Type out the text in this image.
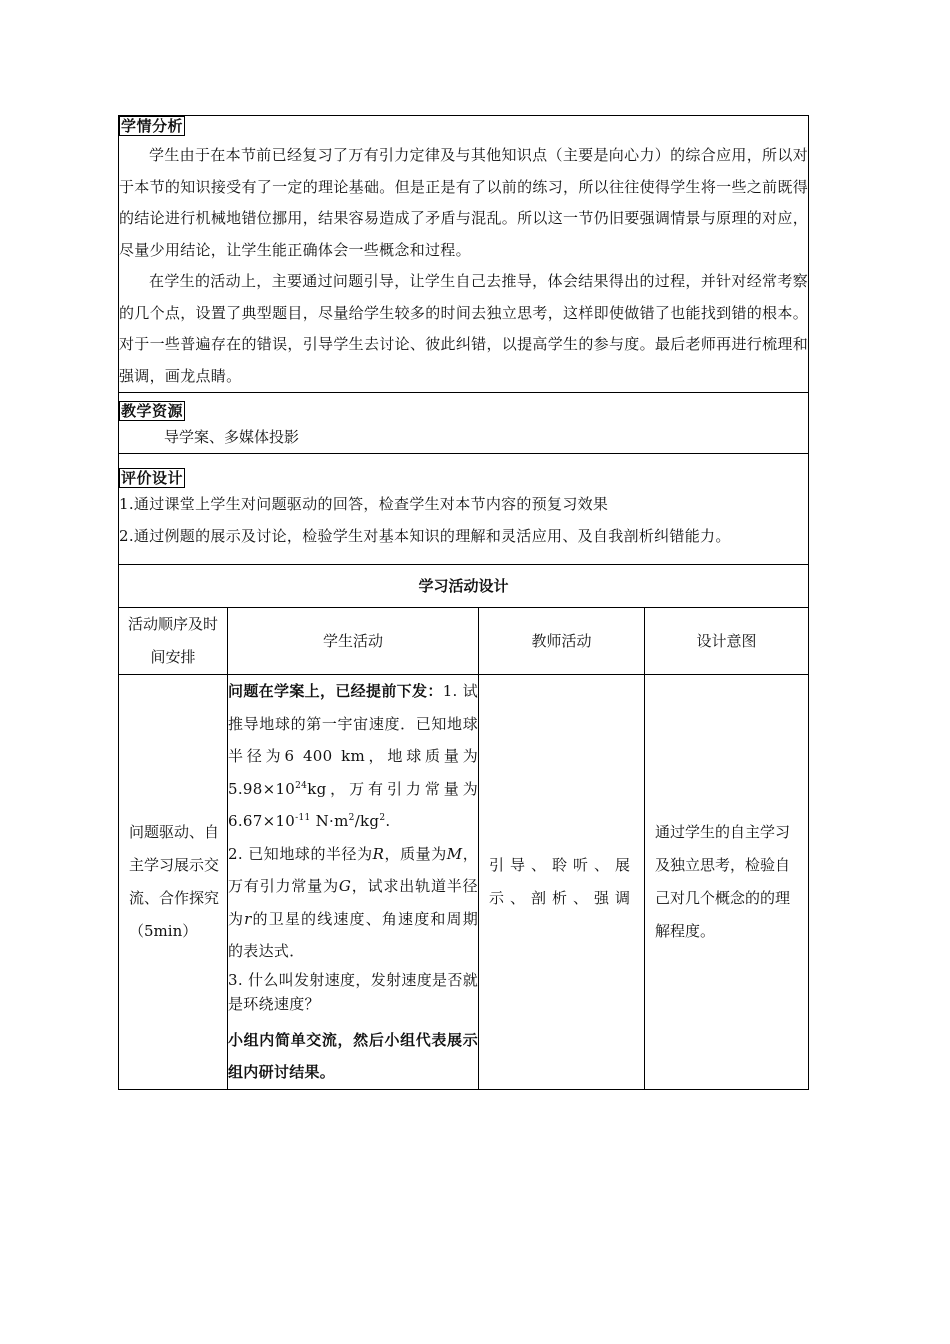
学情分析

学生由于在本节前已经复习了万有引力定律及与其他知识点（主要是向心力）的综合应用，所以对于本节的知识接受有了一定的理论基础。但是正是有了以前的练习，所以往往使得学生将一些之前既得的结论进行机械地错位挪用，结果容易造成了矛盾与混乱。所以这一节仍旧要强调情景与原理的对应，尽量少用结论，让学生能正确体会一些概念和过程。

在学生的活动上，主要通过问题引导，让学生自己去推导，体会结果得出的过程，并针对经常考察的几个点，设置了典型题目，尽量给学生较多的时间去独立思考，这样即使做错了也能找到错的根本。对于一些普遍存在的错误，引导学生去讨论、彼此纠错，以提高学生的参与度。最后老师再进行梳理和强调，画龙点睛。			

教学资源

导学案、多媒体投影			

评价设计

1.通过课堂上学生对问题驱动的回答，检查学生对本节内容的预复习效果

2.通过例题的展示及讨论，检验学生对基本知识的理解和灵活应用、及自我剖析纠错能力。			

学习活动设计			
活动顺序及时间安排	学生活动	教师活动	设计意图

问题驱动、自主学习展示交流、合作探究（5min）	问题在学案上，已经提前下发：1. 试推导地球的第一宇宙速度．已知地球半径为6 400 km，地球质量为$5.98\times 10^{24}kg$，万有引力常量为$6.67\times 10^{-11}$ $N\cdot m^2/kg^2$.
2. 已知地球的半径为R，质量为M，万有引力常量为G，试求出轨道半径为r的卫星的线速度、角速度和周期的表达式．
3. 什么叫发射速度，发射速度是否就是环绕速度？
小组内简单交流，然后小组代表展示组内研讨结果。	引导、聆听、展示、剖析、强调	通过学生的自主学习及独立思考，检验自己对几个概念的的理解程度。
